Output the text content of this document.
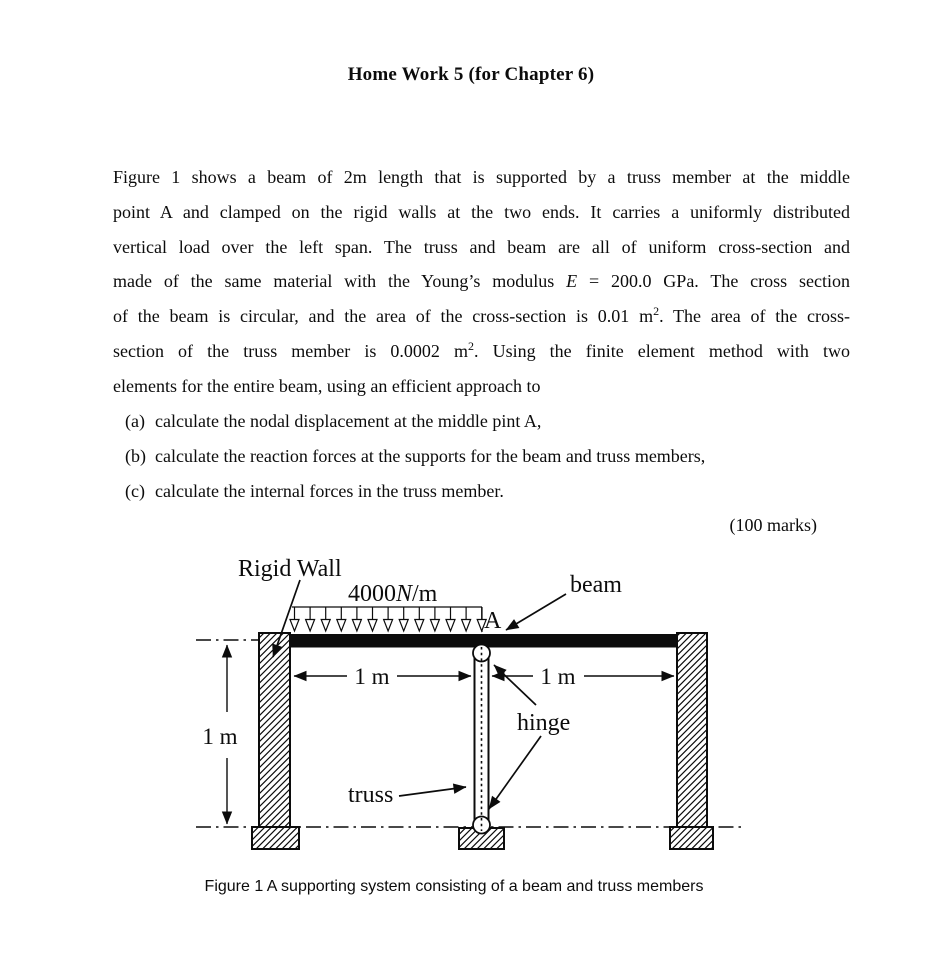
Home Work 5 (for Chapter 6)
Figure 1 shows a beam of 2m length that is supported by a truss member at the middle
point A and clamped on the rigid walls at the two ends. It carries a uniformly distributed
vertical load over the left span. The truss and beam are all of uniform cross-section and
made of the same material with the Young’s modulus E = 200.0 GPa. The cross section
of the beam is circular, and the area of the cross-section is 0.01 $m^2$. The area of the cross-
section of the truss member is 0.0002 $m^2$. Using the finite element method with two
elements for the entire beam, using an efficient approach to
(a) calculate the nodal displacement at the middle pint A,
(b) calculate the reaction forces at the supports for the beam and truss members,
(c) calculate the internal forces in the truss member.
(100 marks)
Rigid Wall
4000N/m
A
beam
1 m	1 m
1 m
hinge
truss
Figure 1 A supporting system consisting of a beam and truss members
